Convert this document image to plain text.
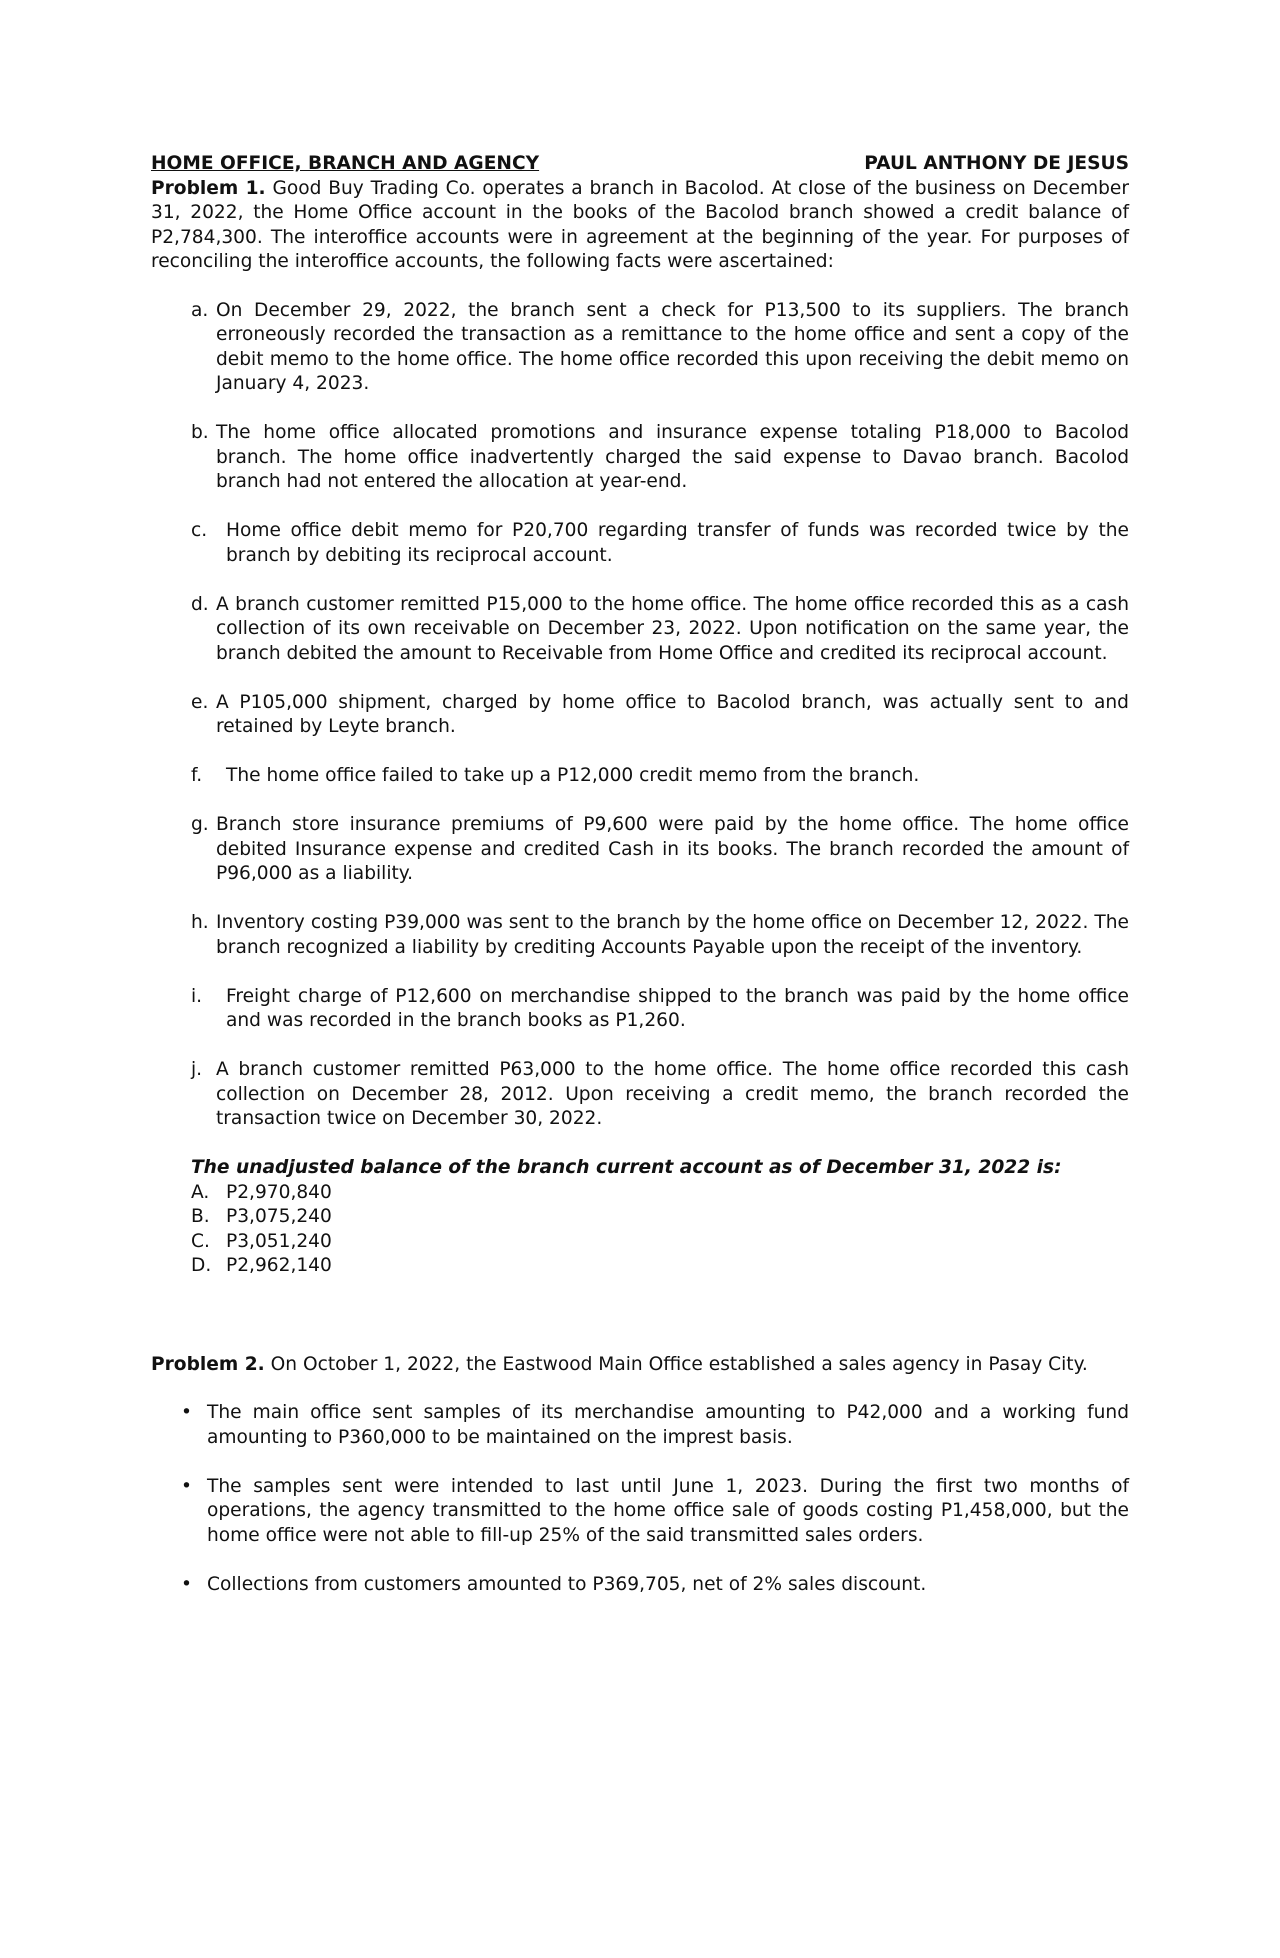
HOME OFFICE, BRANCH AND AGENCY	PAUL ANTHONY DE JESUS

Problem 1. Good Buy Trading Co. operates a branch in Bacolod. At close of the business on December 31, 2022, the Home Office account in the books of the Bacolod branch showed a credit balance of P2,784,300. The interoffice accounts were in agreement at the beginning of the year. For purposes of reconciling the interoffice accounts, the following facts were ascertained:

a. On December 29, 2022, the branch sent a check for P13,500 to its suppliers. The branch erroneously recorded the transaction as a remittance to the home office and sent a copy of the debit memo to the home office. The home office recorded this upon receiving the debit memo on January 4, 2023.
b. The home office allocated promotions and insurance expense totaling P18,000 to Bacolod branch. The home office inadvertently charged the said expense to Davao branch. Bacolod branch had not entered the allocation at year-end.
c.	Home office debit memo for P20,700 regarding transfer of funds was recorded twice by the branch by debiting its reciprocal account.
d. A branch customer remitted P15,000 to the home office. The home office recorded this as a cash collection of its own receivable on December 23, 2022. Upon notification on the same year, the branch debited the amount to Receivable from Home Office and credited its reciprocal account.
e. A P105,000 shipment, charged by home office to Bacolod branch, was actually sent to and retained by Leyte branch.
f.	The home office failed to take up a P12,000 credit memo from the branch.
g. Branch store insurance premiums of P9,600 were paid by the home office. The home office debited Insurance expense and credited Cash in its books. The branch recorded the amount of P96,000 as a liability.
h. Inventory costing P39,000 was sent to the branch by the home office on December 12, 2022. The branch recognized a liability by crediting Accounts Payable upon the receipt of the inventory.
i.	Freight charge of P12,600 on merchandise shipped to the branch was paid by the home office and was recorded in the branch books as P1,260.
j. A branch customer remitted P63,000 to the home office. The home office recorded this cash collection on December 28, 2012. Upon receiving a credit memo, the branch recorded the transaction twice on December 30, 2022.

The unadjusted balance of the branch current account as of December 31, 2022 is:

A. P2,970,840
B. P3,075,240
C. P3,051,240
D. P2,962,140

Problem 2. On October 1, 2022, the Eastwood Main Office established a sales agency in Pasay City.

• The main office sent samples of its merchandise amounting to P42,000 and a working fund amounting to P360,000 to be maintained on the imprest basis.
• The samples sent were intended to last until June 1, 2023. During the first two months of operations, the agency transmitted to the home office sale of goods costing P1,458,000, but the home office were not able to fill-up 25% of the said transmitted sales orders.
• Collections from customers amounted to P369,705, net of 2% sales discount.
